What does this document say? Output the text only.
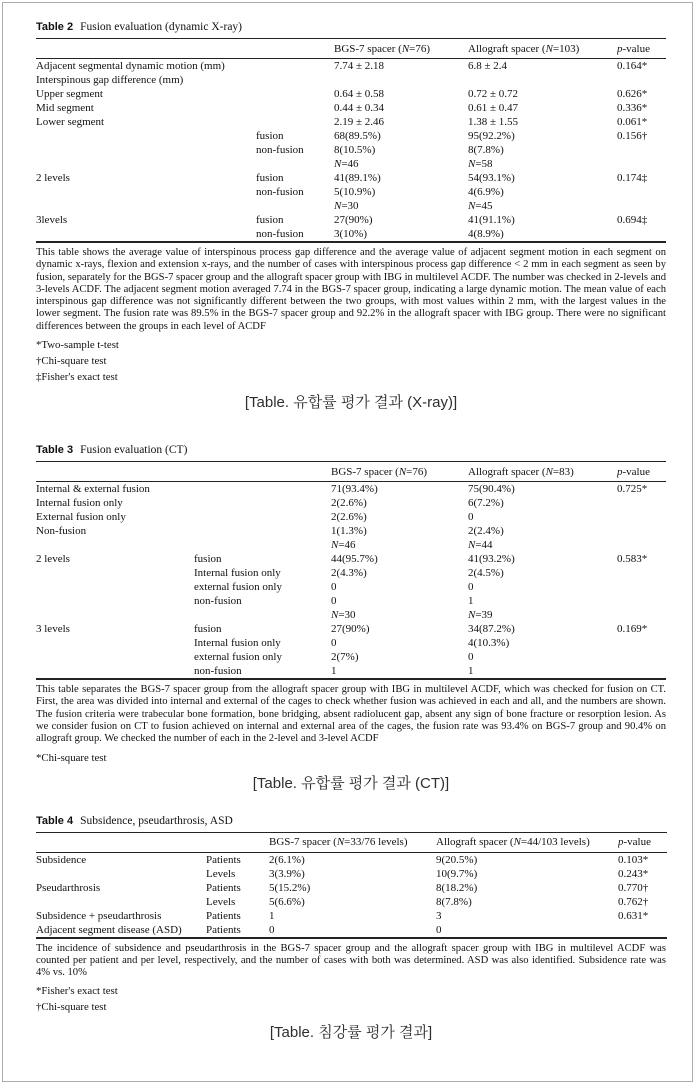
Table 2 Fusion evaluation (dynamic X-ray)
		BGS-7 spacer (N=76)	Allograft spacer (N=103)	p-value
Adjacent segmental dynamic motion (mm)		7.74 ± 2.18	6.8 ± 2.4	0.164*
Interspinous gap difference (mm)				
Upper segment		0.64 ± 0.58	0.72 ± 0.72	0.626*
Mid segment		0.44 ± 0.34	0.61 ± 0.47	0.336*
Lower segment		2.19 ± 2.46	1.38 ± 1.55	0.061*
	fusion	68(89.5%)	95(92.2%)	0.156†
	non-fusion	8(10.5%)	8(7.8%)	
		N=46	N=58	
2 levels	fusion	41(89.1%)	54(93.1%)	0.174‡
	non-fusion	5(10.9%)	4(6.9%)	
		N=30	N=45	
3levels	fusion	27(90%)	41(91.1%)	0.694‡
	non-fusion	3(10%)	4(8.9%)	

This table shows the average value of interspinous process gap difference and the average value of adjacent segment motion in each segment on dynamic x-rays, flexion and extension x-rays, and the number of cases with interspinous process gap difference < 2 mm in each segment as seen by fusion, separately for the BGS-7 spacer group and the allograft spacer group with IBG in multilevel ACDF. The number was checked in 2-levels and 3-levels ACDF. The adjacent segment motion averaged 7.74 in the BGS-7 spacer group, indicating a large dynamic motion. The mean value of each interspinous gap difference was not significantly different between the two groups, with most values within 2 mm, with the largest values in the lower segment. The fusion rate was 89.5% in the BGS-7 spacer group and 92.2% in the allograft spacer with IBG group. There were no significant differences between the groups in each level of ACDF

*Two-sample t-test
†Chi-square test
‡Fisher's exact test
[Table. 유합률 평가 결과 (X-ray)]
Table 3 Fusion evaluation (CT)
		BGS-7 spacer (N=76)	Allograft spacer (N=83)	p-value
Internal & external fusion		71(93.4%)	75(90.4%)	0.725*
Internal fusion only		2(2.6%)	6(7.2%)	
External fusion only		2(2.6%)	0	
Non-fusion		1(1.3%)	2(2.4%)	
		N=46	N=44	
2 levels	fusion	44(95.7%)	41(93.2%)	0.583*
	Internal fusion only	2(4.3%)	2(4.5%)	
	external fusion only	0	0	
	non-fusion	0	1	
		N=30	N=39	
3 levels	fusion	27(90%)	34(87.2%)	0.169*
	Internal fusion only	0	4(10.3%)	
	external fusion only	2(7%)	0	
	non-fusion	1	1	

This table separates the BGS-7 spacer group from the allograft spacer group with IBG in multilevel ACDF, which was checked for fusion on CT. First, the area was divided into internal and external of the cages to check whether fusion was achieved in each and all, and the numbers are shown. The fusion criteria were trabecular bone formation, bone bridging, absent radiolucent gap, absent any sign of bone fracture or resorption lesion. As we consider fusion on CT to fusion achieved on internal and external area of the cages, the fusion rate was 93.4% on BGS-7 group and 90.4% on allograft group. We checked the number of each in the 2-level and 3-level ACDF

*Chi-square test
[Table. 유합률 평가 결과 (CT)]
Table 4 Subsidence, pseudarthrosis, ASD
		BGS-7 spacer (N=33/76 levels)	Allograft spacer (N=44/103 levels)	p-value
Subsidence	Patients	2(6.1%)	9(20.5%)	0.103*
	Levels	3(3.9%)	10(9.7%)	0.243*
Pseudarthrosis	Patients	5(15.2%)	8(18.2%)	0.770†
	Levels	5(6.6%)	8(7.8%)	0.762†
Subsidence + pseudarthrosis	Patients	1	3	0.631*
Adjacent segment disease (ASD)	Patients	0	0	

The incidence of subsidence and pseudarthrosis in the BGS-7 spacer group and the allograft spacer group with IBG in multilevel ACDF was counted per patient and per level, respectively, and the number of cases with both was determined. ASD was also identified. Subsidence rate was 4% vs. 10%

*Fisher's exact test
†Chi-square test
[Table. 침강률 평가 결과]
